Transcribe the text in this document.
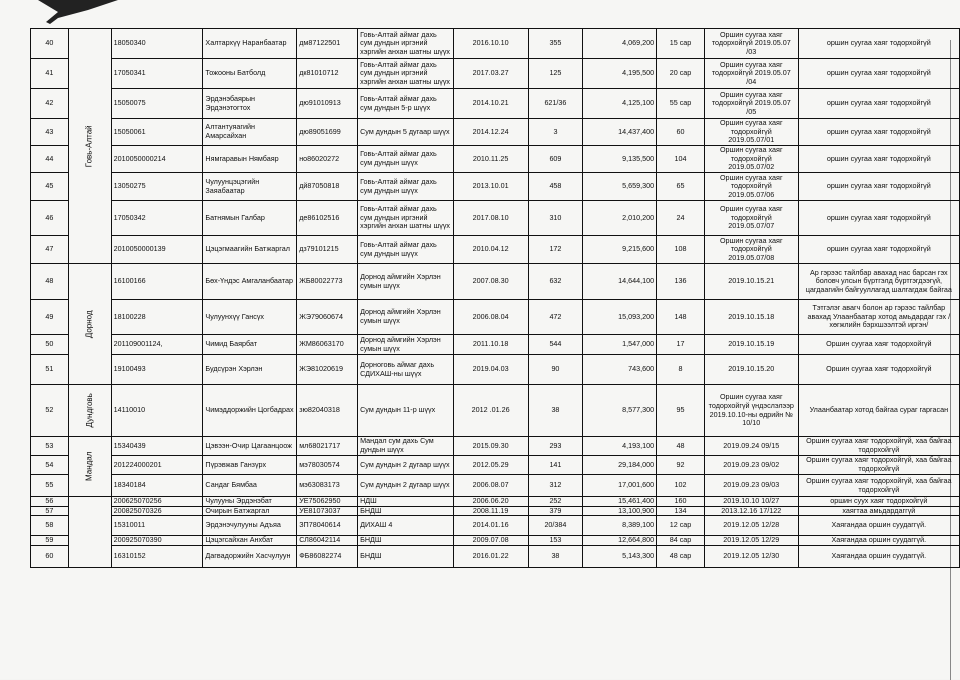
40	Говь-Алтай	18050340	Халтархүү Наранбаатар	дм87122501	Говь-Алтай аймаг дахь сум дундын иргэний хэргийн анхан шатны шүүх	2016.10.10	355	4,069,200	15 сар	Оршин суугаа хаяг тодорхойгүй 2019.05.07 /03	оршин суугаа хаяг тодорхойгүй
41		17050341	Тожооны Батболд	дк81010712	Говь-Алтай аймаг дахь сум дундын иргэний хэргийн анхан шатны шүүх	2017.03.27	125	4,195,500	20 сар	Оршин суугаа хаяг тодорхойгүй 2019.05.07 /04	оршин суугаа хаяг тодорхойгүй
42		15050075	Эрдэнэбаярын Эрдэнэтогтох	дю91010913	Говь-Алтай аймаг дахь сум дундын 5-р шүүх	2014.10.21	621/36	4,125,100	55 сар	Оршин суугаа хаяг тодорхойгүй 2019.05.07 /05	оршин суугаа хаяг тодорхойгүй
43		15050061	Алтантуяагийн Амарсайхан	дю89051699	Сум дундын 5 дугаар шүүх	2014.12.24	3	14,437,400	60	Оршин суугаа хаяг тодорхойгүй 2019.05.07/01	оршин суугаа хаяг тодорхойгүй
44		2010050000214	Нямгаравын Нямбаяр	но86020272	Говь-Алтай аймаг дахь сум дундын шүүх	2010.11.25	609	9,135,500	104	Оршин суугаа хаяг тодорхойгүй 2019.05.07/02	оршин суугаа хаяг тодорхойгүй
45		13050275	Чулуунцэцэгийн Заяабаатар	дй87050818	Говь-Алтай аймаг дахь сум дундын шүүх	2013.10.01	458	5,659,300	65	Оршин суугаа хаяг тодорхойгүй 2019.05.07/06	оршин суугаа хаяг тодорхойгүй
46		17050342	Батнямын Галбар	де86102516	Говь-Алтай аймаг дахь сум дундын иргэний хэргийн анхан шатны шүүх	2017.08.10	310	2,010,200	24	Оршин суугаа хаяг тодорхойгүй 2019.05.07/07	оршин суугаа хаяг тодорхойгүй
47		2010050000139	Цэцэгмаагийн Батжаргал	дз79101215	Говь-Алтай аймаг дахь сум дундын шүүх	2010.04.12	172	9,215,600	108	Оршин суугаа хаяг тодорхойгүй 2019.05.07/08	оршин суугаа хаяг тодорхойгүй
48	Дорнод	16100166	Бөх-Үндэс Амгаланбаатар	ЖБ80022773	Дорнод аймгийн Хэрлэн сумын шүүх	2007.08.30	632	14,644,100	136	2019.10.15.21	Ар гэрээс тайлбар авахад нас барсан гэх боловч улсын бүртгэлд бүртгэгдээгүй, цагдаагийн байгууллагад шалгагдаж байгаа
49		18100228	Чулуунхүү Гансүх	ЖЭ79060674	Дорнод аймгийн Хэрлэн сумын шүүх	2006.08.04	472	15,093,200	148	2019.10.15.18	Тэтгэлэг авагч болон ар гэрээс тайлбар авахад Улаанбаатар хотод амьдардаг гэх /хөгжлийн бэрхшээлтэй иргэн/
50		201109001124,	Чимид Баярбат	ЖМ86063170	Дорнод аймгийн Хэрлэн сумын шүүх	2011.10.18	544	1,547,000	17	2019.10.15.19	Оршин суугаа хаяг тодорхойгүй
51		19100493	Будсүрэн Хэрлэн	ЖЭ81020619	Дорноговь аймаг дахь СДИХАШ-ны шүүх	2019.04.03	90	743,600	8	2019.10.15.20	Оршин суугаа хаяг тодорхойгүй
52	Дундговь	14110010	Чимэддоржийн Цогбадрах	зю82040318	Сум дундын 11-р шүүх	2012 .01.26	38	8,577,300	95	Оршин суугаа хаяг тодорхойгүй үндэслэлээр 2019.10.10-ны өдрийн № 10/10	Улаанбаатар хотод байгаа сураг гаргасан
53	Мандал	15340439	Цэвээн-Очир Цагаанцоож	мл68021717	Мандал сум дахь Сум дундын шүүх	2015.09.30	293	4,193,100	48	2019.09.24 09/15	Оршин суугаа хаяг тодорхойгүй, хаа байгаа тодорхойгүй
54		201224000201	Пүрэвжав Ганзүрх	мэ78030574	Сум дундын 2 дугаар шүүх	2012.05.29	141	29,184,000	92	2019.09.23 09/02	Оршин суугаа хаяг тодорхойгүй, хаа байгаа тодорхойгүй
55		18340184	Сандаг Бямбаа	мэ63083173	Сум дундын 2 дугаар шүүх	2006.08.07	312	17,001,600	102	2019.09.23 09/03	Оршин суугаа хаяг тодорхойгүй, хаа байгаа тодорхойгүй
56		200625070256	Чулууны Эрдэнэбат	УЕ75062950	НДШ	2006.06.20	252	15,461,400	160	2019.10.10 10/27	оршин суух хаяг тодорхойгүй
57		200825070326	Очирын Батжаргал	УЕ81073037	БНДШ	2008.11.19	379	13,100,900	134	2013.12.16 17/122	хаягтаа амьдардаггүй
58		15310011	Эрдэнэчулууны Адъяа	ЗП78040614	ДИХАШ 4	2014.01.16	20/384	8,389,100	12 сар	2019.12.05 12/28	Хаягандаа оршин суудаггүй.
59		200925070390	Цэцэгсайхан Анхбат	СЛ86042114	БНДШ	2009.07.08	153	12,664,800	84 сар	2019.12.05 12/29	Хаягандаа оршин суудаггүй.
60		16310152	Дагвадоржийн Хасчулуун	ФБ86082274	БНДШ	2016.01.22	38	5,143,300	48 сар	2019.12.05 12/30	Хаягандаа оршин суудаггүй.
